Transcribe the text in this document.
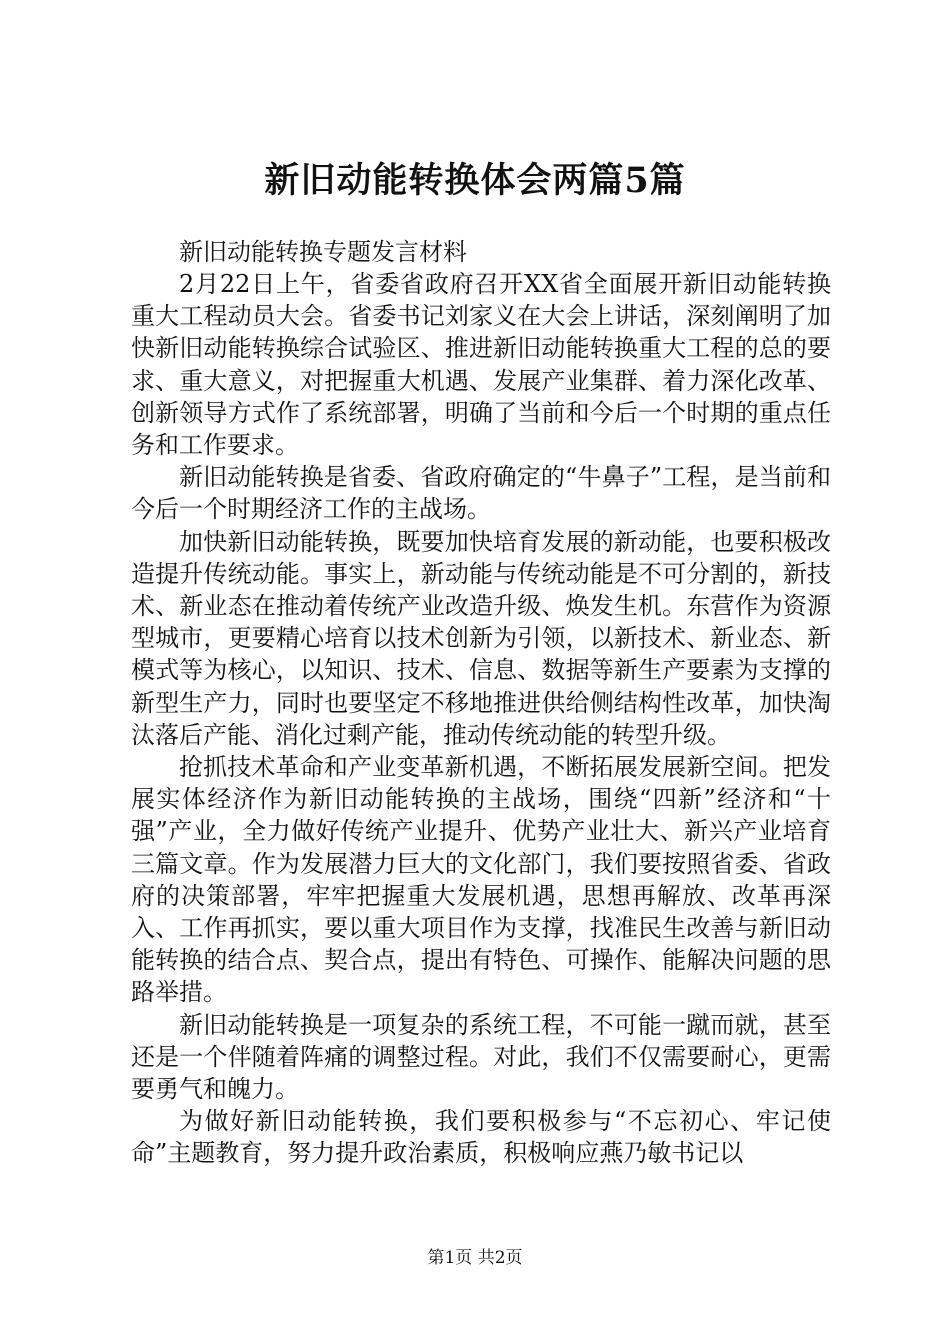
新旧动能转换体会两篇5篇

新旧动能转换专题发言材料

2月22日上午，省委省政府召开XX省全面展开新旧动能转换重大工程动员大会。省委书记刘家义在大会上讲话，深刻阐明了加快新旧动能转换综合试验区、推进新旧动能转换重大工程的总的要求、重大意义，对把握重大机遇、发展产业集群、着力深化改革、创新领导方式作了系统部署，明确了当前和今后一个时期的重点任务和工作要求。

新旧动能转换是省委、省政府确定的“牛鼻子”工程，是当前和今后一个时期经济工作的主战场。

加快新旧动能转换，既要加快培育发展的新动能，也要积极改造提升传统动能。事实上，新动能与传统动能是不可分割的，新技术、新业态在推动着传统产业改造升级、焕发生机。东营作为资源型城市，更要精心培育以技术创新为引领，以新技术、新业态、新模式等为核心，以知识、技术、信息、数据等新生产要素为支撑的新型生产力，同时也要坚定不移地推进供给侧结构性改革，加快淘汰落后产能、消化过剩产能，推动传统动能的转型升级。

抢抓技术革命和产业变革新机遇，不断拓展发展新空间。把发展实体经济作为新旧动能转换的主战场，围绕“四新”经济和“十强”产业，全力做好传统产业提升、优势产业壮大、新兴产业培育三篇文章。作为发展潜力巨大的文化部门，我们要按照省委、省政府的决策部署，牢牢把握重大发展机遇，思想再解放、改革再深入、工作再抓实，要以重大项目作为支撑，找准民生改善与新旧动能转换的结合点、契合点，提出有特色、可操作、能解决问题的思路举措。

新旧动能转换是一项复杂的系统工程，不可能一蹴而就，甚至还是一个伴随着阵痛的调整过程。对此，我们不仅需要耐心，更需要勇气和魄力。

为做好新旧动能转换，我们要积极参与“不忘初心、牢记使命”主题教育，努力提升政治素质，积极响应燕乃敏书记以

第1页 共2页
